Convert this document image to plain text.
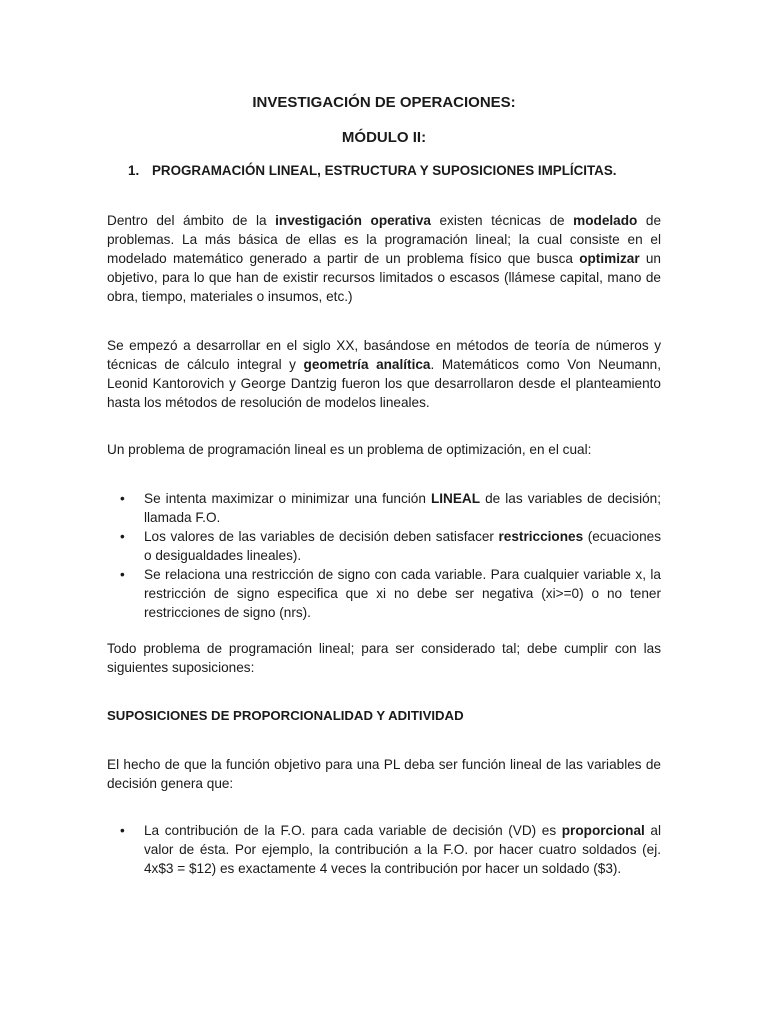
INVESTIGACIÓN DE OPERACIONES:

MÓDULO II:

1. PROGRAMACIÓN LINEAL, ESTRUCTURA Y SUPOSICIONES IMPLÍCITAS.

Dentro del ámbito de la investigación operativa existen técnicas de modelado de problemas. La más básica de ellas es la programación lineal; la cual consiste en el modelado matemático generado a partir de un problema físico que busca optimizar un objetivo, para lo que han de existir recursos limitados o escasos (llámese capital, mano de obra, tiempo, materiales o insumos, etc.)

Se empezó a desarrollar en el siglo XX, basándose en métodos de teoría de números y técnicas de cálculo integral y geometría analítica. Matemáticos como Von Neumann, Leonid Kantorovich y George Dantzig fueron los que desarrollaron desde el planteamiento hasta los métodos de resolución de modelos lineales.

Un problema de programación lineal es un problema de optimización, en el cual:

•	Se intenta maximizar o minimizar una función LINEAL de las variables de decisión; llamada F.O.
•	Los valores de las variables de decisión deben satisfacer restricciones (ecuaciones o desigualdades lineales).
•	Se relaciona una restricción de signo con cada variable. Para cualquier variable x, la restricción de signo especifica que xi no debe ser negativa (xi>=0) o no tener restricciones de signo (nrs).

Todo problema de programación lineal; para ser considerado tal; debe cumplir con las siguientes suposiciones:

SUPOSICIONES DE PROPORCIONALIDAD Y ADITIVIDAD

El hecho de que la función objetivo para una PL deba ser función lineal de las variables de decisión genera que:

•	La contribución de la F.O. para cada variable de decisión (VD) es proporcional al valor de ésta. Por ejemplo, la contribución a la F.O. por hacer cuatro soldados (ej. 4x$3 = $12) es exactamente 4 veces la contribución por hacer un soldado ($3).
